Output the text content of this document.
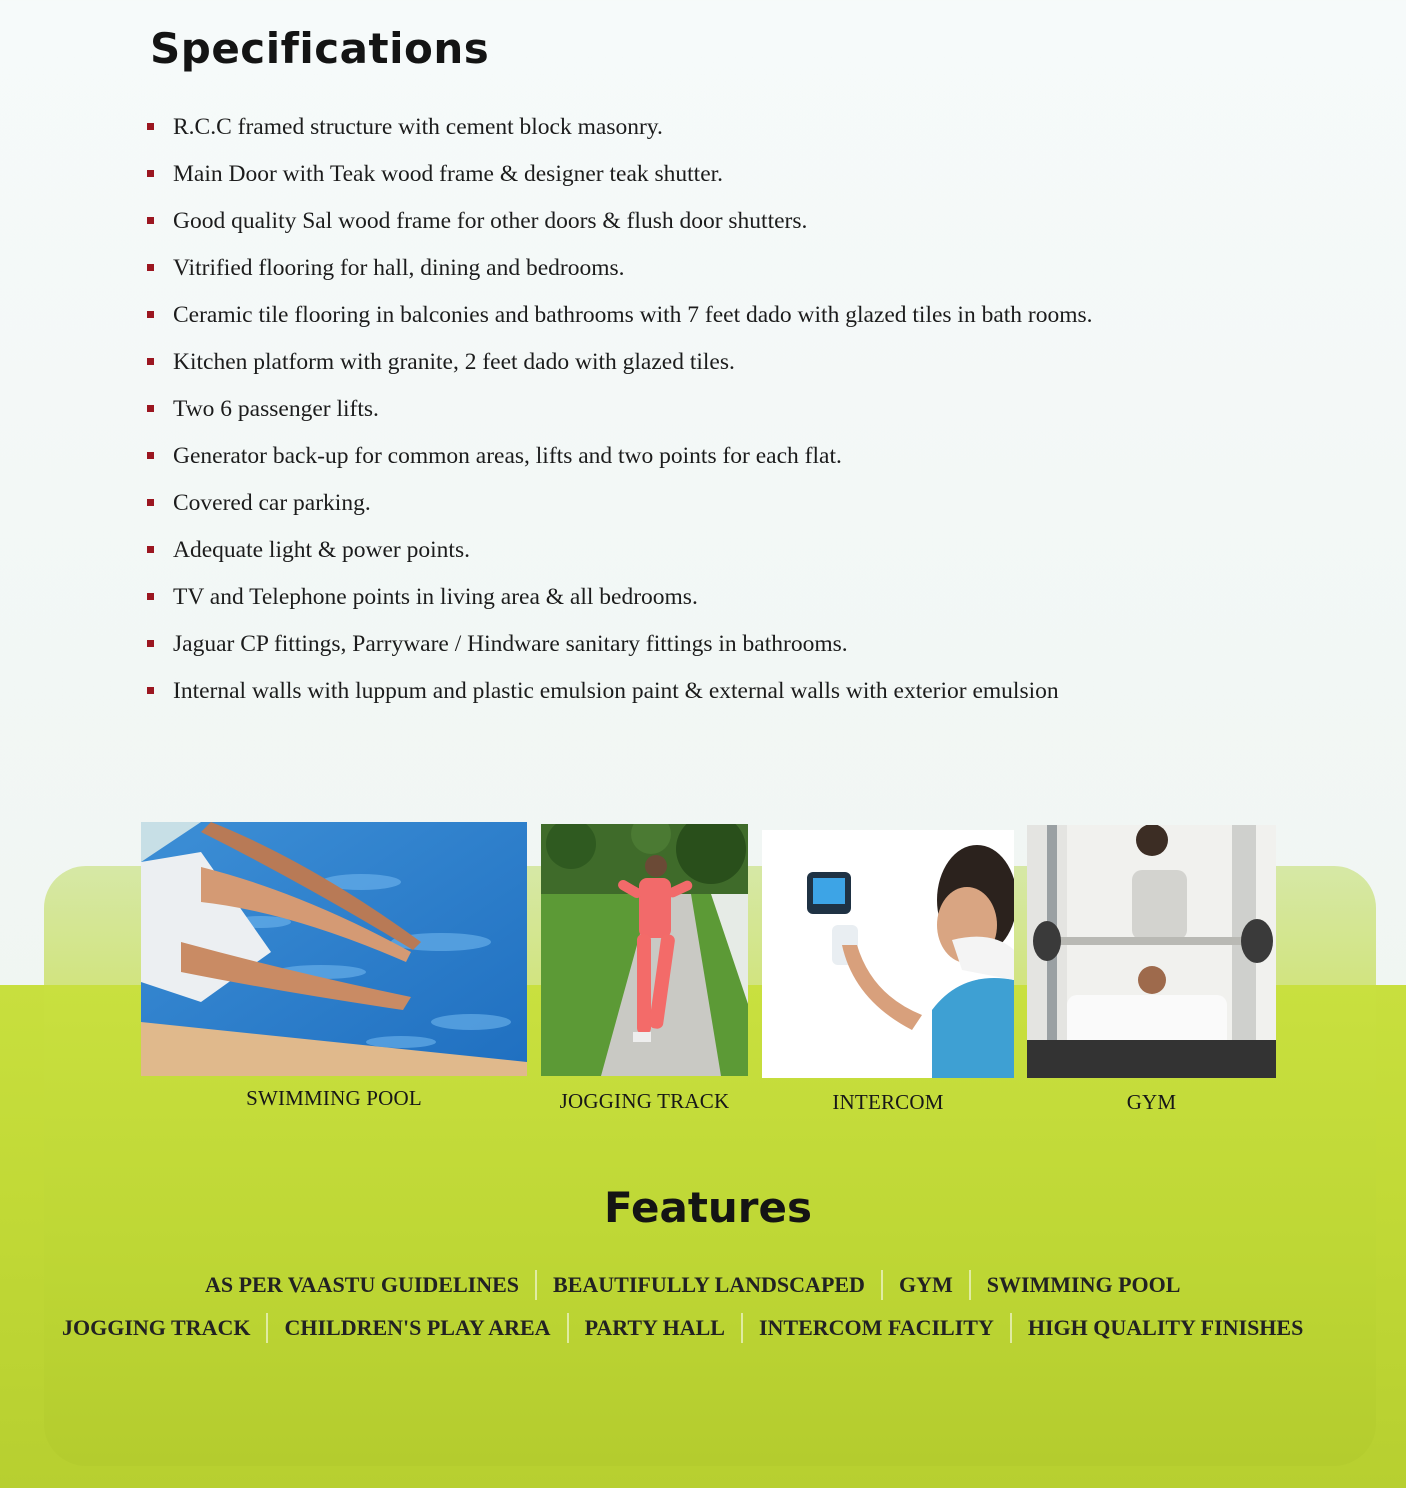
Specifications
R.C.C framed structure with cement block masonry.
Main Door with Teak wood frame & designer teak shutter.
Good quality Sal wood frame for other doors & flush door shutters.
Vitrified flooring for hall, dining and bedrooms.
Ceramic tile flooring in balconies and bathrooms with 7 feet dado with glazed tiles in bath rooms.
Kitchen platform with granite, 2 feet dado with glazed tiles.
Two 6 passenger lifts.
Generator back-up for common areas, lifts and two points for each flat.
Covered car parking.
Adequate light & power points.
TV and Telephone points in living area & all bedrooms.
Jaguar CP fittings, Parryware / Hindware sanitary fittings in bathrooms.
Internal walls with luppum and plastic emulsion paint & external walls with exterior emulsion
SWIMMING POOL	JOGGING TRACK	INTERCOM	GYM
Features
AS PER VAASTU GUIDELINES BEAUTIFULLY LANDSCAPED GYM SWIMMING POOL
JOGGING TRACK CHILDREN'S PLAY AREA PARTY HALL INTERCOM FACILITY HIGH QUALITY FINISHES
